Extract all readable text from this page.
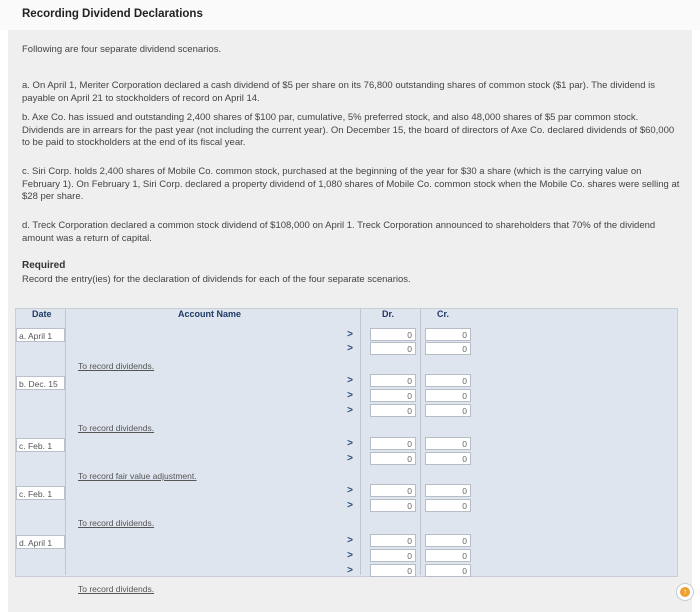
Recording Dividend Declarations
Following are four separate dividend scenarios.
a. On April 1, Meriter Corporation declared a cash dividend of $5 per share on its 76,800 outstanding shares of common stock ($1 par). The dividend is payable on April 21 to stockholders of record on April 14.
b. Axe Co. has issued and outstanding 2,400 shares of $100 par, cumulative, 5% preferred stock, and also 48,000 shares of $5 par common stock. Dividends are in arrears for the past year (not including the current year). On December 15, the board of directors of Axe Co. declared dividends of $60,000 to be paid to stockholders at the end of its fiscal year.
c. Siri Corp. holds 2,400 shares of Mobile Co. common stock, purchased at the beginning of the year for $30 a share (which is the carrying value on February 1). On February 1, Siri Corp. declared a property dividend of 1,080 shares of Mobile Co. common stock when the Mobile Co. shares were selling at $28 per share.
d. Treck Corporation declared a common stock dividend of $108,000 on April 1. Treck Corporation announced to shareholders that 70% of the dividend amount was a return of capital.
Required
Record the entry(ies) for the declaration of dividends for each of the four separate scenarios.
Date	Account Name	Dr.	Cr.
a. April 1	>	0	0
>	0	0
To record dividends.
b. Dec. 15	>	0	0
>	0	0
>	0	0
To record dividends.
c. Feb. 1	>	0	0
>	0	0
To record fair value adjustment.
c. Feb. 1	>	0	0
>	0	0
To record dividends.
d. April 1	>	0	0
>	0	0
>	0	0
To record dividends.	↑
